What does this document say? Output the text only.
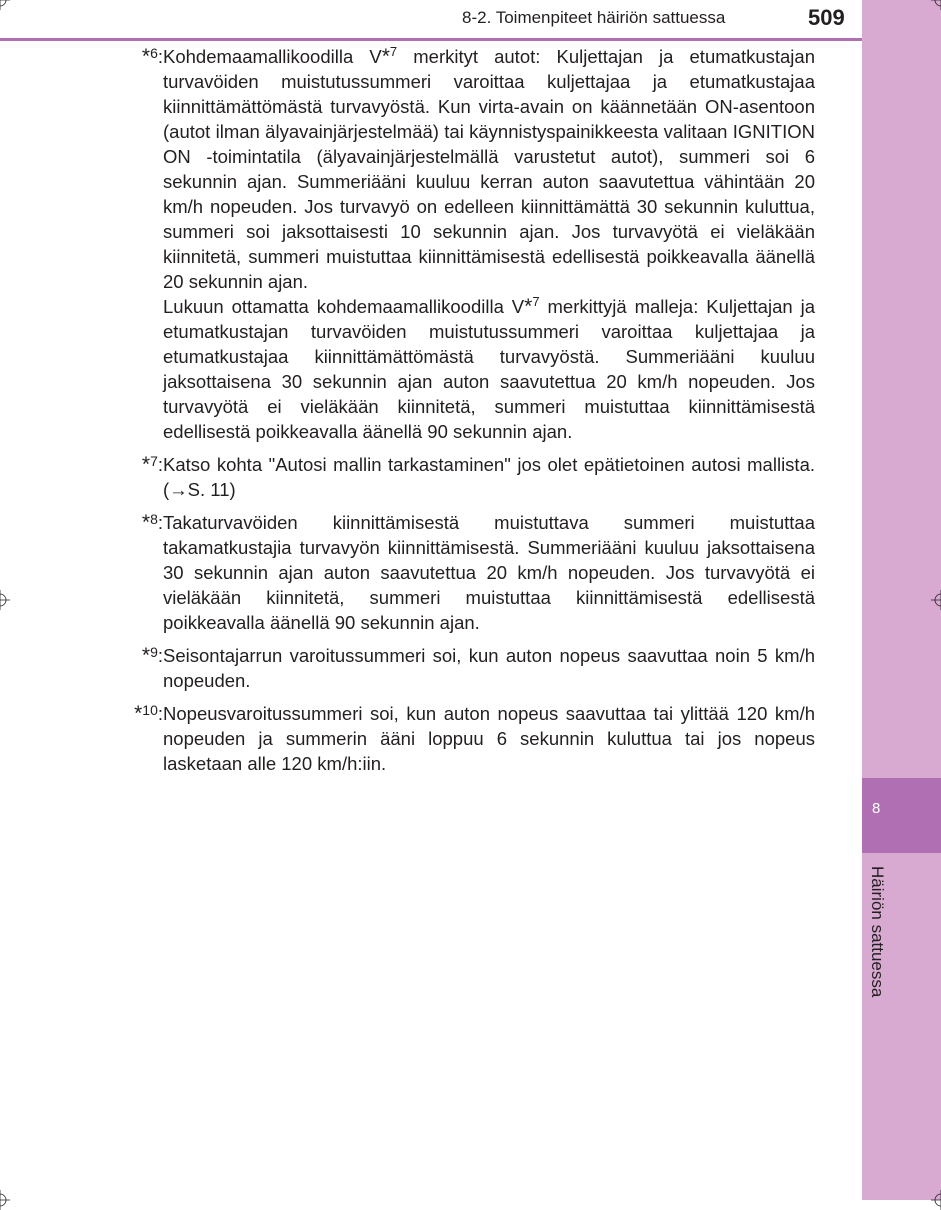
8
Häiriön sattuessa
8-2. Toimenpiteet häiriön sattuessa	509
*$^6$: Kohdemaamallikoodilla V*$^7$ merkityt autot: Kuljettajan ja etumatkustajan turvavöiden muistutussummeri varoittaa kuljettajaa ja etumatkustajaa kiinnittämättömästä turvavyöstä. Kun virta-avain on käännetään ON-asentoon (autot ilman älyavainjärjestelmää) tai käynnistyspainikkeesta valitaan IGNITION ON -toimintatila (älyavainjärjestelmällä varustetut autot), summeri soi 6 sekunnin ajan. Summeriääni kuuluu kerran auton saavutettua vähintään 20 km/h nopeuden. Jos turvavyö on edelleen kiinnittämättä 30 sekunnin kuluttua, summeri soi jaksottaisesti 10 sekunnin ajan. Jos turvavyötä ei vieläkään kiinnitetä, summeri muistuttaa kiinnittämisestä edellisestä poikkeavalla äänellä 20 sekunnin ajan.

Lukuun ottamatta kohdemaamallikoodilla V*$^7$ merkittyjä malleja: Kuljettajan ja etumatkustajan turvavöiden muistutussummeri varoittaa kuljettajaa ja etumatkustajaa kiinnittämättömästä turvavyöstä. Summeriääni kuuluu jaksottaisena 30 sekunnin ajan auton saavutettua 20 km/h nopeuden. Jos turvavyötä ei vieläkään kiinnitetä, summeri muistuttaa kiinnittämisestä edellisestä poikkeavalla äänellä 90 sekunnin ajan.

*$^7$: Katso kohta "Autosi mallin tarkastaminen" jos olet epätietoinen autosi mallista. (→S. 11)

*$^8$: Takaturvavöiden kiinnittämisestä muistuttava summeri muistuttaa takamatkustajia turvavyön kiinnittämisestä. Summeriääni kuuluu jaksottaisena 30 sekunnin ajan auton saavutettua 20 km/h nopeuden. Jos turvavyötä ei vieläkään kiinnitetä, summeri muistuttaa kiinnittämisestä edellisestä poikkeavalla äänellä 90 sekunnin ajan.

*$^9$: Seisontajarrun varoitussummeri soi, kun auton nopeus saavuttaa noin 5 km/h nopeuden.

*$^{10}$: Nopeusvaroitussummeri soi, kun auton nopeus saavuttaa tai ylittää 120 km/h nopeuden ja summerin ääni loppuu 6 sekunnin kuluttua tai jos nopeus lasketaan alle 120 km/h:iin.
